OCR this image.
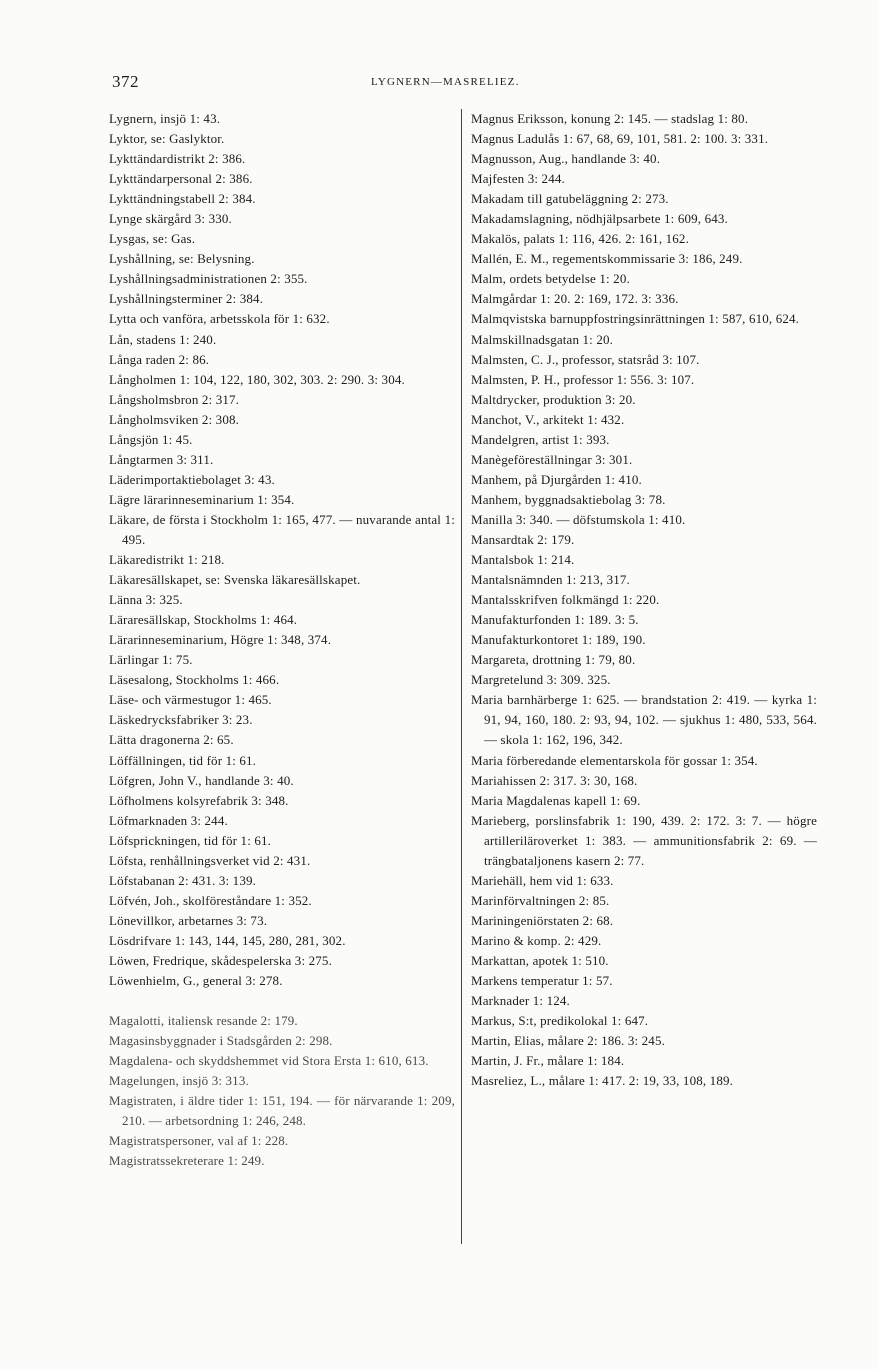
372	LYGNERN—MASRELIEZ.
Lygnern, insjö 1: 43.
Lyktor, se: Gaslyktor.
Lykttändardistrikt 2: 386.
Lykttändarpersonal 2: 386.
Lykttändningstabell 2: 384.
Lynge skärgård 3: 330.
Lysgas, se: Gas.
Lyshållning, se: Belysning.
Lyshållningsadministrationen 2: 355.
Lyshållningsterminer 2: 384.
Lytta och vanföra, arbetsskola för 1: 632.
Lån, stadens 1: 240.
Långa raden 2: 86.
Långholmen 1: 104, 122, 180, 302, 303. 2: 290. 3: 304.
Långsholmsbron 2: 317.
Långholmsviken 2: 308.
Långsjön 1: 45.
Långtarmen 3: 311.
Läderimportaktiebolaget 3: 43.
Lägre lärarinneseminarium 1: 354.
Läkare, de första i Stockholm 1: 165, 477. — nuvarande antal 1: 495.
Läkaredistrikt 1: 218.
Läkaresällskapet, se: Svenska läkaresällskapet.
Länna 3: 325.
Läraresällskap, Stockholms 1: 464.
Lärarinneseminarium, Högre 1: 348, 374.
Lärlingar 1: 75.
Läsesalong, Stockholms 1: 466.
Läse- och värmestugor 1: 465.
Läskedrycksfabriker 3: 23.
Lätta dragonerna 2: 65.
Löffällningen, tid för 1: 61.
Löfgren, John V., handlande 3: 40.
Löfholmens kolsyrefabrik 3: 348.
Löfmarknaden 3: 244.
Löfsprickningen, tid för 1: 61.
Löfsta, renhållningsverket vid 2: 431.
Löfstabanan 2: 431. 3: 139.
Löfvén, Joh., skolföreståndare 1: 352.
Lönevillkor, arbetarnes 3: 73.
Lösdrifvare 1: 143, 144, 145, 280, 281, 302.
Löwen, Fredrique, skådespelerska 3: 275.
Löwenhielm, G., general 3: 278.
Magalotti, italiensk resande 2: 179.
Magasinsbyggnader i Stadsgården 2: 298.
Magdalena- och skyddshemmet vid Stora Ersta 1: 610, 613.
Magelungen, insjö 3: 313.
Magistraten, i äldre tider 1: 151, 194. — för närvarande 1: 209, 210. — arbetsordning 1: 246, 248.
Magistratspersoner, val af 1: 228.
Magistratssekreterare 1: 249.
Magnus Eriksson, konung 2: 145. — stadslag 1: 80.
Magnus Ladulås 1: 67, 68, 69, 101, 581. 2: 100. 3: 331.
Magnusson, Aug., handlande 3: 40.
Majfesten 3: 244.
Makadam till gatubeläggning 2: 273.
Makadamslagning, nödhjälpsarbete 1: 609, 643.
Makalös, palats 1: 116, 426. 2: 161, 162.
Mallén, E. M., regementskommissarie 3: 186, 249.
Malm, ordets betydelse 1: 20.
Malmgårdar 1: 20. 2: 169, 172. 3: 336.
Malmqvistska barnuppfostringsinrättningen 1: 587, 610, 624.
Malmskillnadsgatan 1: 20.
Malmsten, C. J., professor, statsråd 3: 107.
Malmsten, P. H., professor 1: 556. 3: 107.
Maltdrycker, produktion 3: 20.
Manchot, V., arkitekt 1: 432.
Mandelgren, artist 1: 393.
Manègeföreställningar 3: 301.
Manhem, på Djurgården 1: 410.
Manhem, byggnadsaktiebolag 3: 78.
Manilla 3: 340. — döfstumskola 1: 410.
Mansardtak 2: 179.
Mantalsbok 1: 214.
Mantalsnämnden 1: 213, 317.
Mantalsskrifven folkmängd 1: 220.
Manufakturfonden 1: 189. 3: 5.
Manufakturkontoret 1: 189, 190.
Margareta, drottning 1: 79, 80.
Margretelund 3: 309. 325.
Maria barnhärberge 1: 625. — brandstation 2: 419. — kyrka 1: 91, 94, 160, 180. 2: 93, 94, 102. — sjukhus 1: 480, 533, 564. — skola 1: 162, 196, 342.
Maria förberedande elementarskola för gossar 1: 354.
Mariahissen 2: 317. 3: 30, 168.
Maria Magdalenas kapell 1: 69.
Marieberg, porslinsfabrik 1: 190, 439. 2: 172. 3: 7. — högre artilleriläroverket 1: 383. — ammunitionsfabrik 2: 69. — trängbataljonens kasern 2: 77.
Mariehäll, hem vid 1: 633.
Marinförvaltningen 2: 85.
Mariningeniörstaten 2: 68.
Marino & komp. 2: 429.
Markattan, apotek 1: 510.
Markens temperatur 1: 57.
Marknader 1: 124.
Markus, S:t, predikolokal 1: 647.
Martin, Elias, målare 2: 186. 3: 245.
Martin, J. Fr., målare 1: 184.
Masreliez, L., målare 1: 417. 2: 19, 33, 108, 189.
